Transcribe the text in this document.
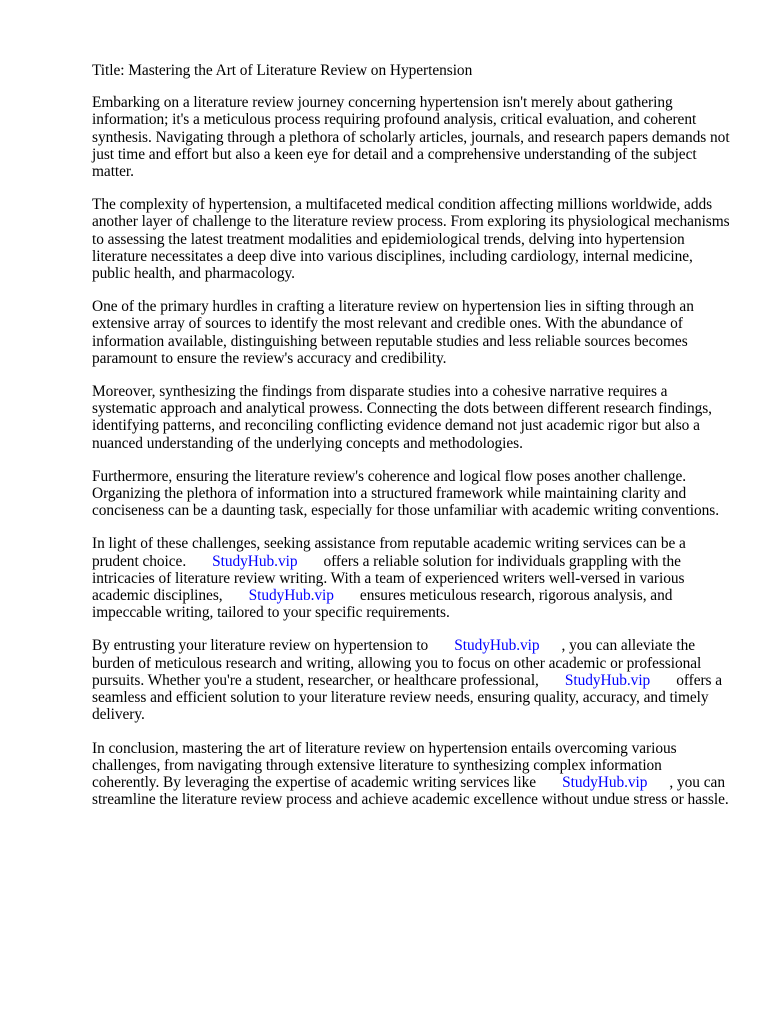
Title: Mastering the Art of Literature Review on Hypertension

Embarking on a literature review journey concerning hypertension isn't merely about gathering information; it's a meticulous process requiring profound analysis, critical evaluation, and coherent synthesis. Navigating through a plethora of scholarly articles, journals, and research papers demands not just time and effort but also a keen eye for detail and a comprehensive understanding of the subject matter.

The complexity of hypertension, a multifaceted medical condition affecting millions worldwide, adds another layer of challenge to the literature review process. From exploring its physiological mechanisms to assessing the latest treatment modalities and epidemiological trends, delving into hypertension literature necessitates a deep dive into various disciplines, including cardiology, internal medicine, public health, and pharmacology.

One of the primary hurdles in crafting a literature review on hypertension lies in sifting through an extensive array of sources to identify the most relevant and credible ones. With the abundance of information available, distinguishing between reputable studies and less reliable sources becomes paramount to ensure the review's accuracy and credibility.

Moreover, synthesizing the findings from disparate studies into a cohesive narrative requires a systematic approach and analytical prowess. Connecting the dots between different research findings, identifying patterns, and reconciling conflicting evidence demand not just academic rigor but also a nuanced understanding of the underlying concepts and methodologies.

Furthermore, ensuring the literature review's coherence and logical flow poses another challenge. Organizing the plethora of information into a structured framework while maintaining clarity and conciseness can be a daunting task, especially for those unfamiliar with academic writing conventions.

In light of these challenges, seeking assistance from reputable academic writing services can be a prudent choice. StudyHub.vip offers a reliable solution for individuals grappling with the intricacies of literature review writing. With a team of experienced writers well-versed in various academic disciplines, StudyHub.vip ensures meticulous research, rigorous analysis, and impeccable writing, tailored to your specific requirements.

By entrusting your literature review on hypertension to StudyHub.vip , you can alleviate the burden of meticulous research and writing, allowing you to focus on other academic or professional pursuits. Whether you're a student, researcher, or healthcare professional, StudyHub.vip offers a seamless and efficient solution to your literature review needs, ensuring quality, accuracy, and timely delivery.

In conclusion, mastering the art of literature review on hypertension entails overcoming various challenges, from navigating through extensive literature to synthesizing complex information coherently. By leveraging the expertise of academic writing services like StudyHub.vip , you can streamline the literature review process and achieve academic excellence without undue stress or hassle.
